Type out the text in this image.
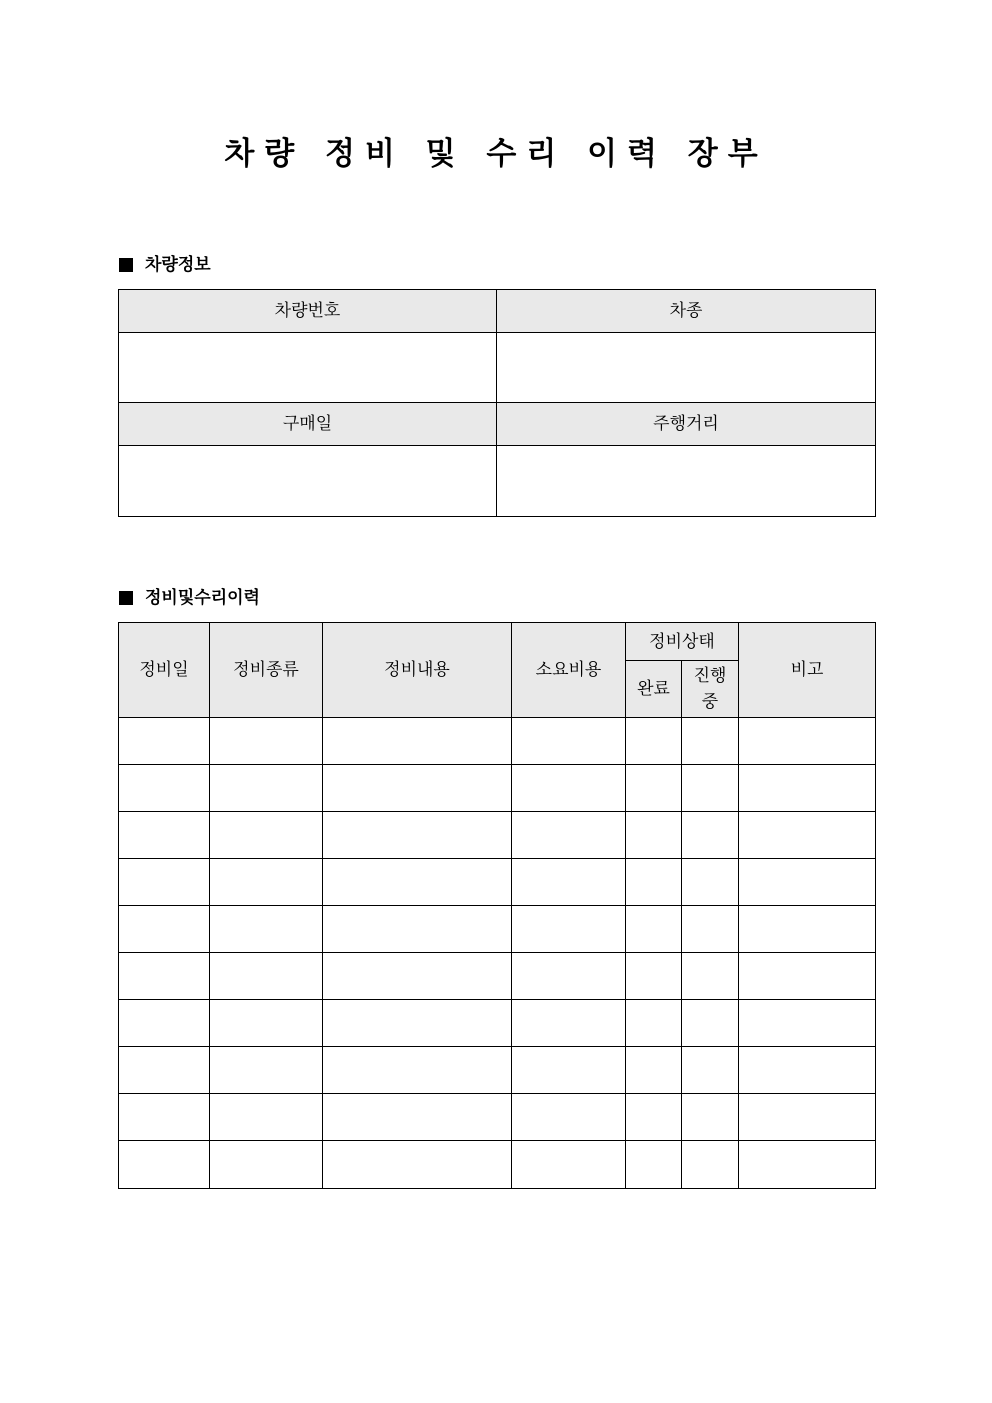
차량 정비 및 수리 이력 장부
차량정보
차량번호	차종

구매일	주행거리

정비및수리이력
정비일	정비종류	정비내용	소요비용	정비상태		비고
				완료	진행
중	
